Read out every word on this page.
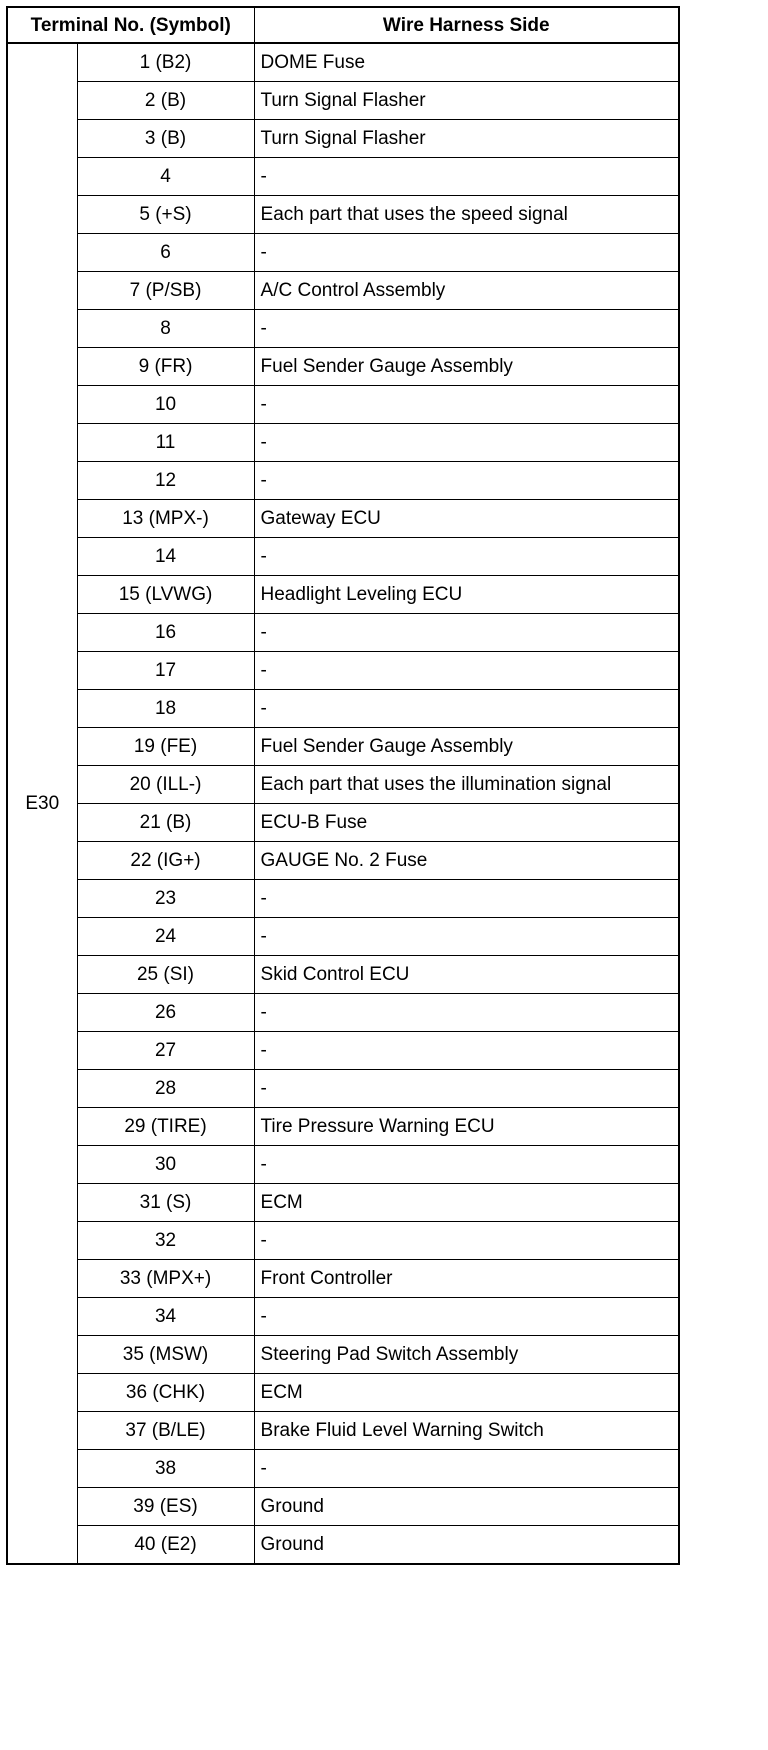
Terminal No. (Symbol)		Wire Harness Side
E30	1 (B2)	DOME Fuse
	2 (B)	Turn Signal Flasher
	3 (B)	Turn Signal Flasher
	4	-
	5 (+S)	Each part that uses the speed signal
	6	-
	7 (P/SB)	A/C Control Assembly
	8	-
	9 (FR)	Fuel Sender Gauge Assembly
	10	-
	11	-
	12	-
	13 (MPX-)	Gateway ECU
	14	-
	15 (LVWG)	Headlight Leveling ECU
	16	-
	17	-
	18	-
	19 (FE)	Fuel Sender Gauge Assembly
	20 (ILL-)	Each part that uses the illumination signal
	21 (B)	ECU-B Fuse
	22 (IG+)	GAUGE No. 2 Fuse
	23	-
	24	-
	25 (SI)	Skid Control ECU
	26	-
	27	-
	28	-
	29 (TIRE)	Tire Pressure Warning ECU
	30	-
	31 (S)	ECM
	32	-
	33 (MPX+)	Front Controller
	34	-
	35 (MSW)	Steering Pad Switch Assembly
	36 (CHK)	ECM
	37 (B/LE)	Brake Fluid Level Warning Switch
	38	-
	39 (ES)	Ground
	40 (E2)	Ground
